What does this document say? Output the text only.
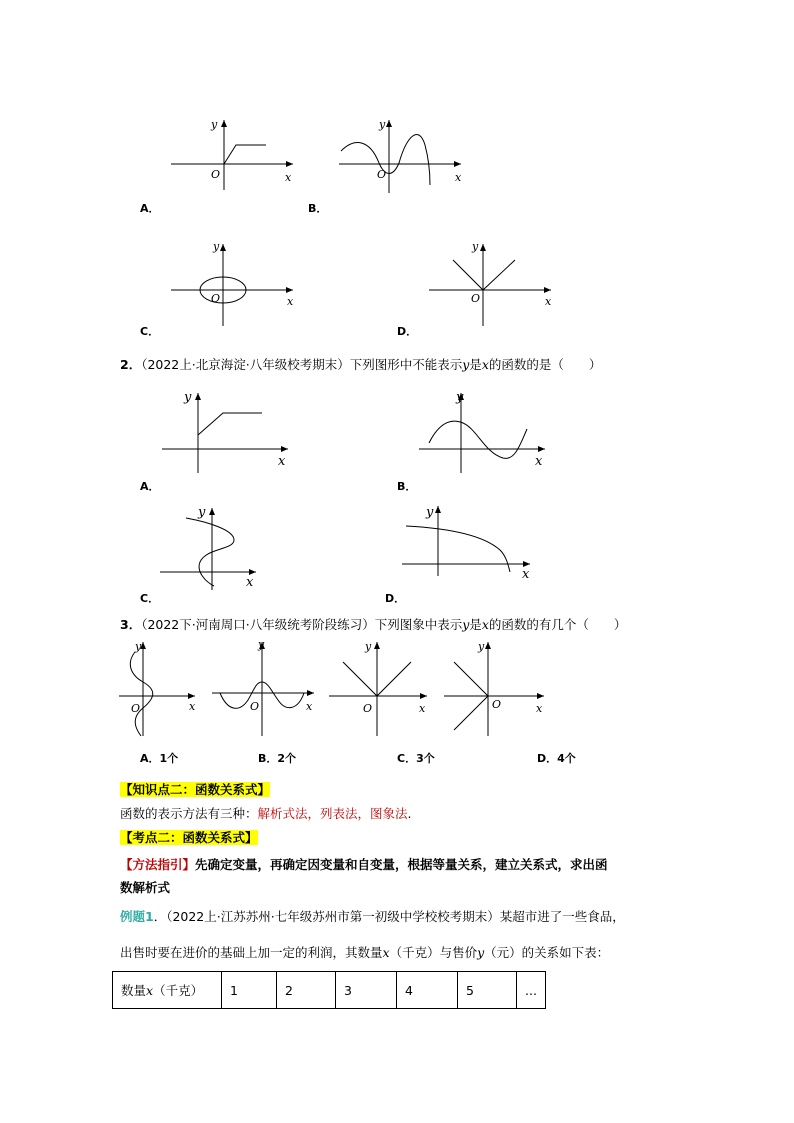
y
O	x
y
O	x
A．	B．
y
O	x
y
O	x
C．	D．
2．（2022上·北京海淀·八年级校考期末）下列图形中不能表示y是x的函数的是（　　）
y
x
y
x
A．	B．
y
x
y
x
C．	D．
3．（2022下·河南周口·八年级统考阶段练习）下列图象中表示y是x的函数的有几个（　　）
y
O	x
y
O	x
y
O	x
y
O	x
A．1个	B．2个	C．3个	D．4个
【知识点二：函数关系式】
函数的表示方法有三种：解析式法，列表法，图象法.
【考点二：函数关系式】
【方法指引】先确定变量，再确定因变量和自变量，根据等量关系，建立关系式，求出函
数解析式
例题1．（2022上·江苏苏州·七年级苏州市第一初级中学校校考期末）某超市进了一些食品，
出售时要在进价的基础上加一定的利润，其数量x（千克）与售价y（元）的关系如下表：
数量x（千克）	1	2	3	4	5	...
